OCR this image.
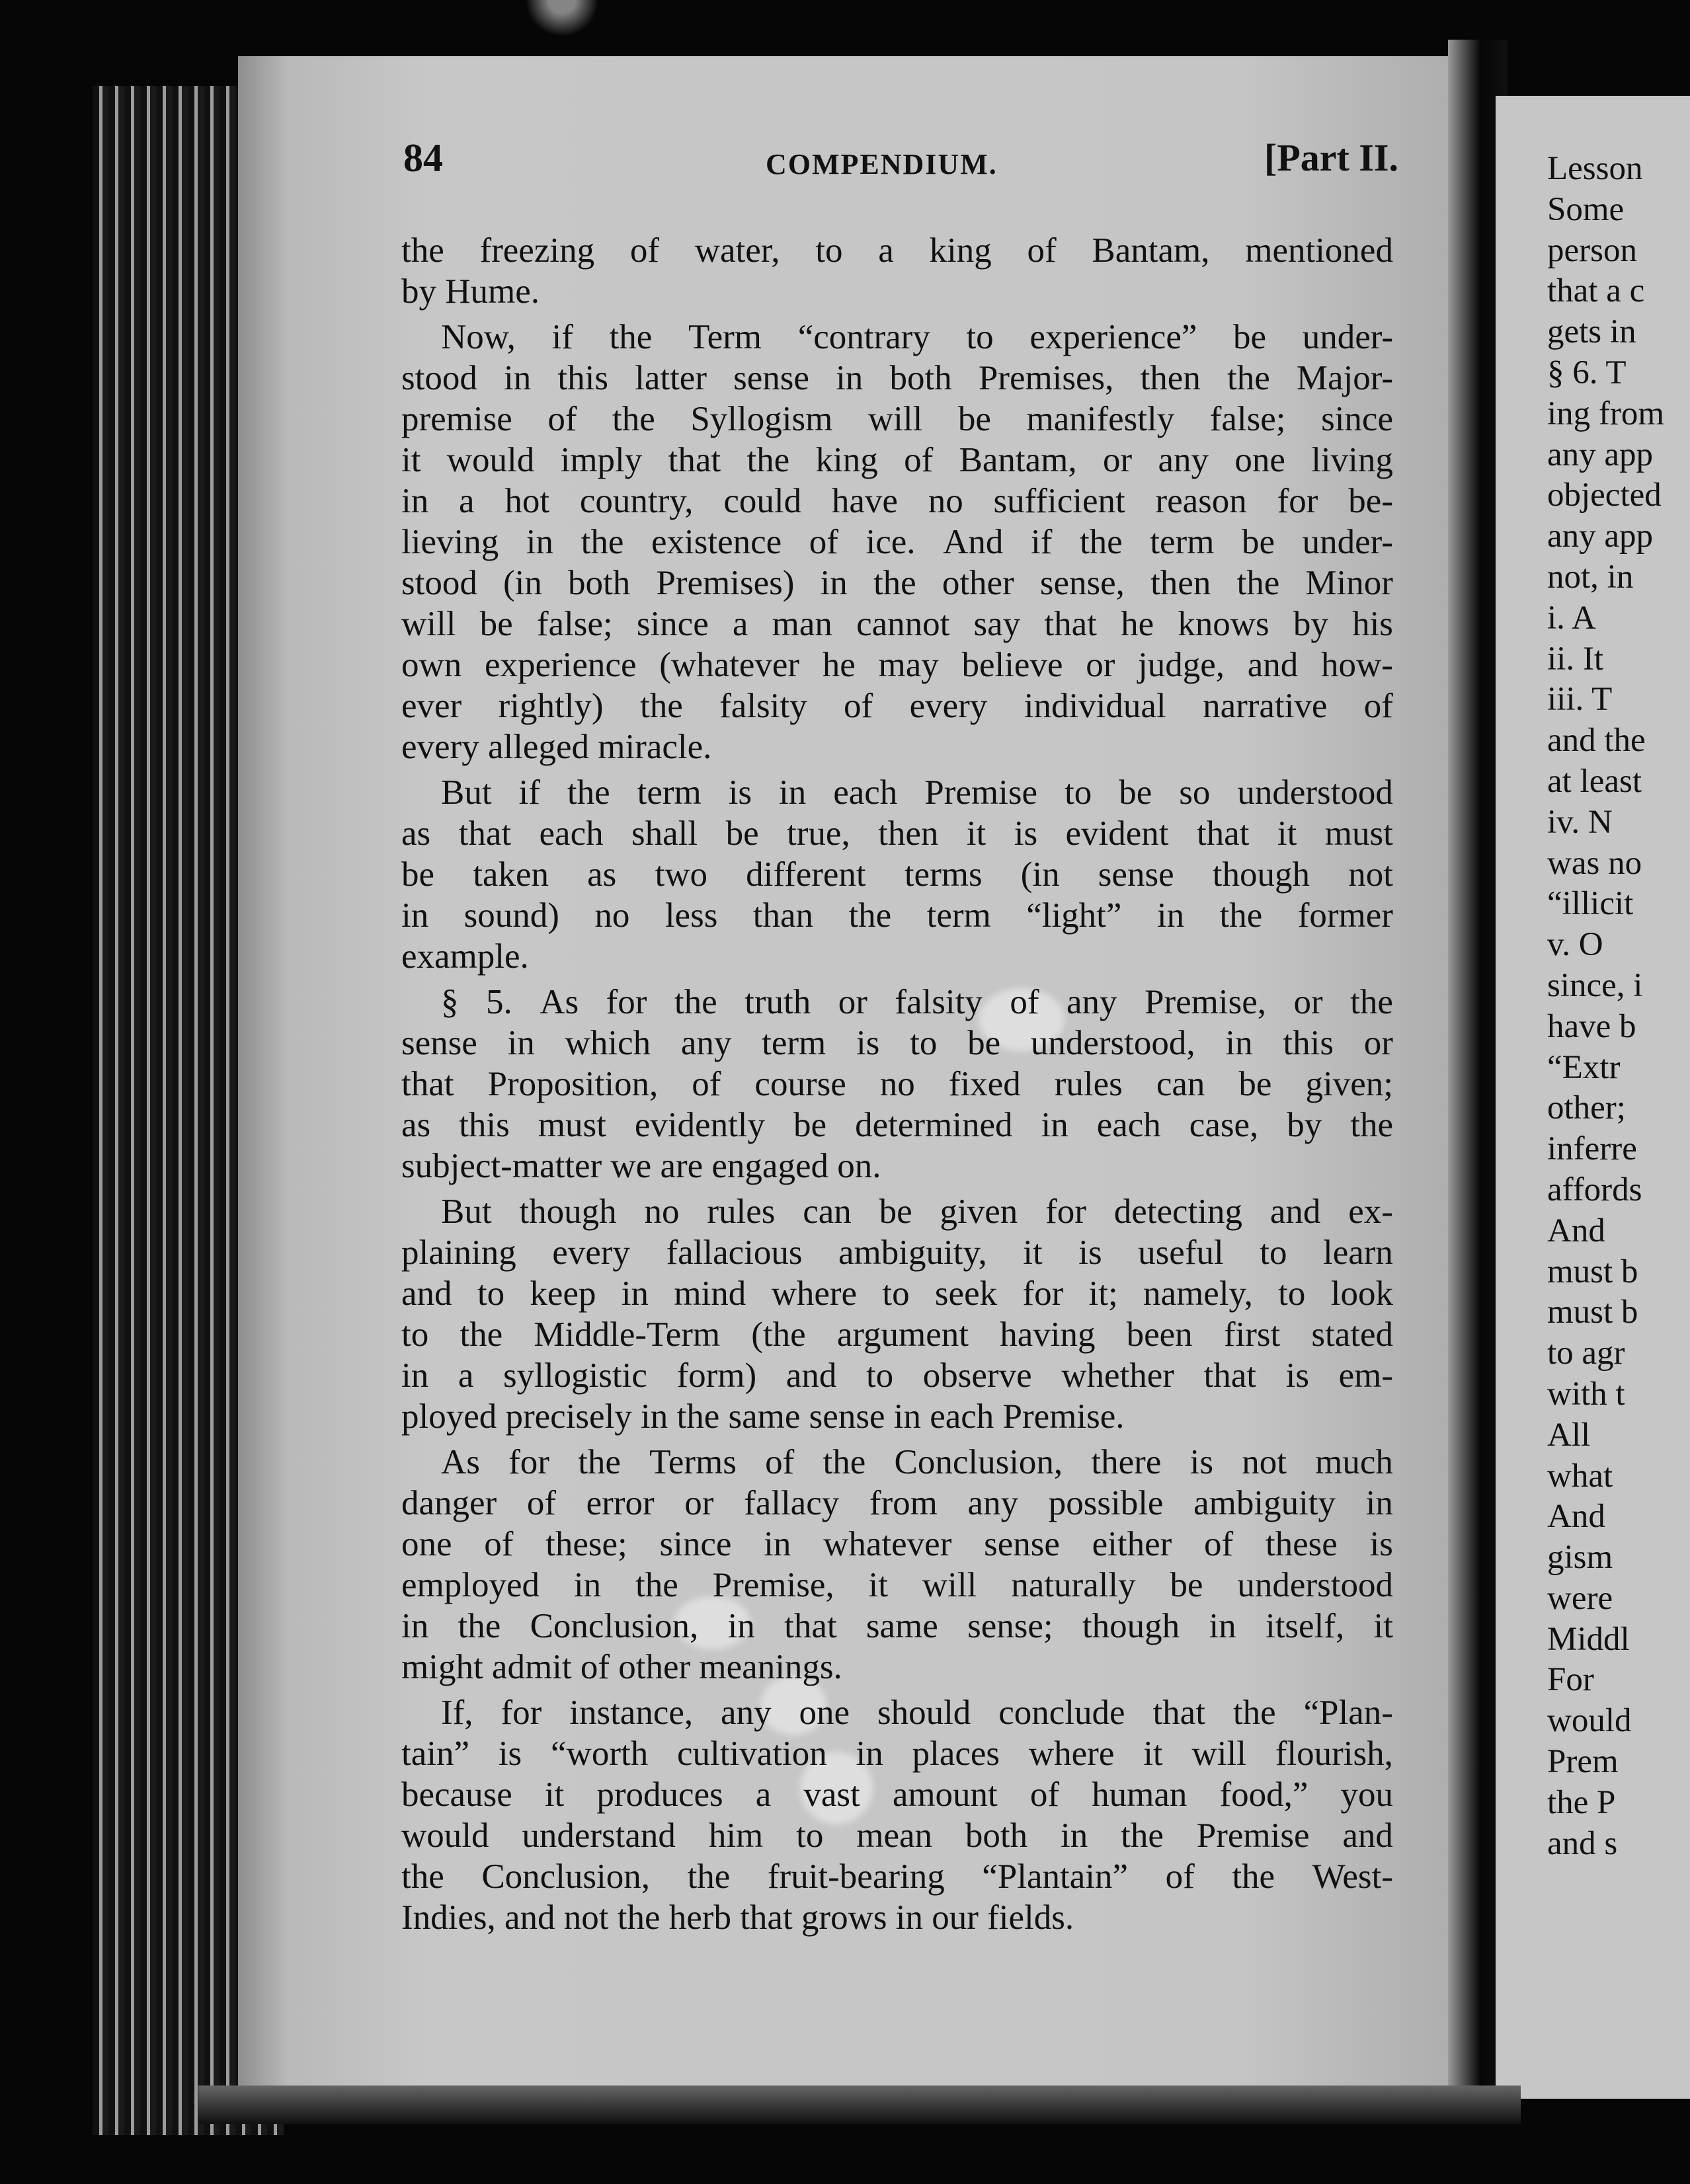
84	COMPENDIUM.	[Part II.
the freezing of water, to a king of Bantam, mentioned
by Hume.
Now, if the Term “contrary to experience” be under-
stood in this latter sense in both Premises, then the Major-
premise of the Syllogism will be manifestly false; since
it would imply that the king of Bantam, or any one living
in a hot country, could have no sufficient reason for be-
lieving in the existence of ice. And if the term be under-
stood (in both Premises) in the other sense, then the Minor
will be false; since a man cannot say that he knows by his
own experience (whatever he may believe or judge, and how-
ever rightly) the falsity of every individual narrative of
every alleged miracle.
But if the term is in each Premise to be so understood
as that each shall be true, then it is evident that it must
be taken as two different terms (in sense though not
in sound) no less than the term “light” in the former
example.
§ 5. As for the truth or falsity of any Premise, or the
sense in which any term is to be understood, in this or
that Proposition, of course no fixed rules can be given;
as this must evidently be determined in each case, by the
subject-matter we are engaged on.
But though no rules can be given for detecting and ex-
plaining every fallacious ambiguity, it is useful to learn
and to keep in mind where to seek for it; namely, to look
to the Middle-Term (the argument having been first stated
in a syllogistic form) and to observe whether that is em-
ployed precisely in the same sense in each Premise.
As for the Terms of the Conclusion, there is not much
danger of error or fallacy from any possible ambiguity in
one of these; since in whatever sense either of these is
employed in the Premise, it will naturally be understood
in the Conclusion, in that same sense; though in itself, it
might admit of other meanings.
If, for instance, any one should conclude that the “Plan-
tain” is “worth cultivation in places where it will flourish,
because it produces a vast amount of human food,” you
would understand him to mean both in the Premise and
the Conclusion, the fruit-bearing “Plantain” of the West-
Indies, and not the herb that grows in our fields.
Lesson
Some
person
that a c
gets in
§ 6. T
ing from
any app
objected
any app
not, in
i. A
ii. It
iii. T
and the
at least
iv. N
was no
“illicit
v. O
since, i
have b
“Extr
other;
inferre
affords
And
must b
must b
to agr
with t
All
what
And
gism
were
Middl
For
would
Prem
the P
and s
